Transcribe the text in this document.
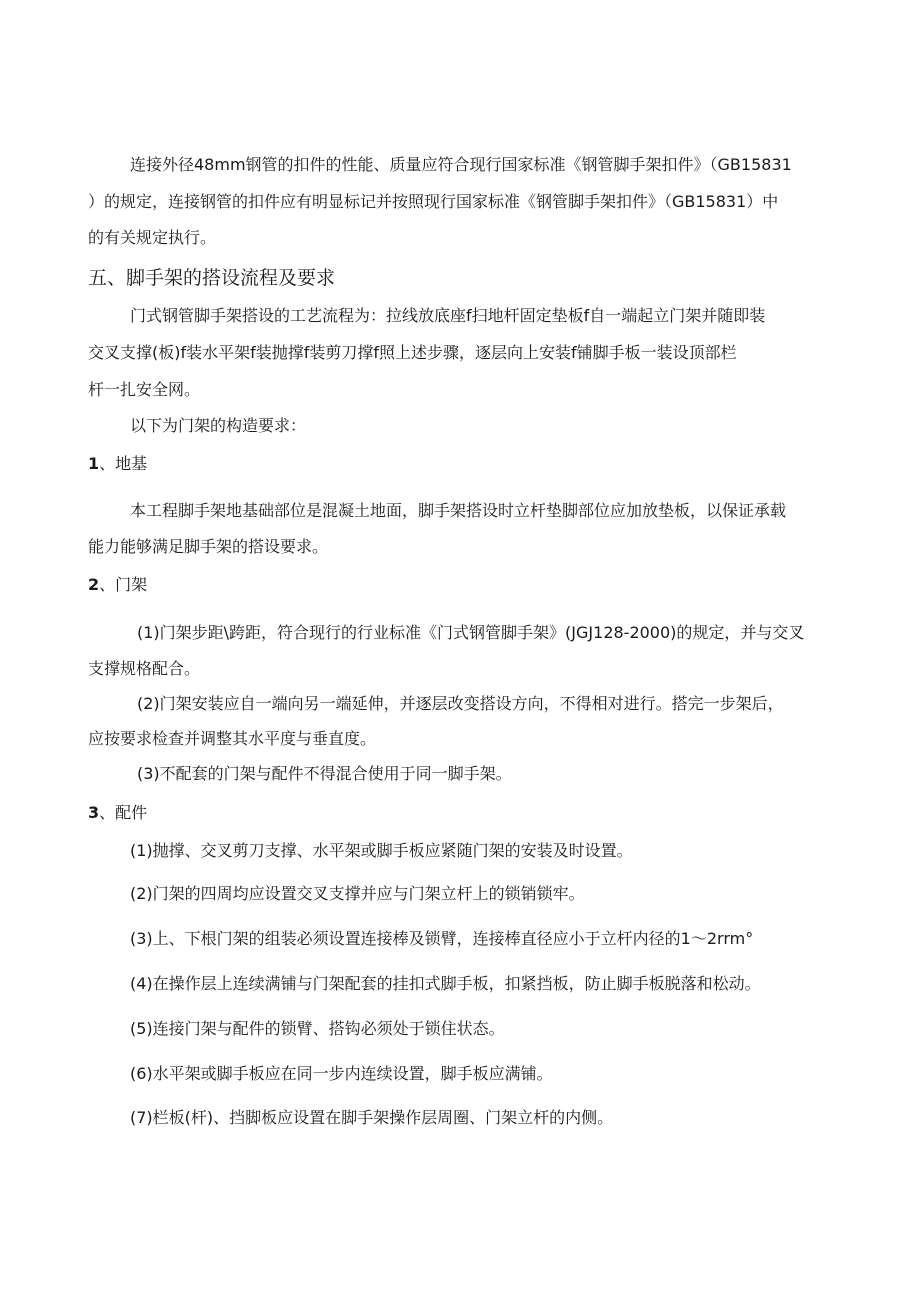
连接外径48mm钢管的扣件的性能、质量应符合现行国家标准《钢管脚手架扣件》（GB15831
）的规定，连接钢管的扣件应有明显标记并按照现行国家标准《钢管脚手架扣件》（GB15831）中
的有关规定执行。
五、脚手架的搭设流程及要求
门式钢管脚手架搭设的工艺流程为：拉线放底座f扫地杆固定垫板f自一端起立门架并随即装
交叉支撑(板)f装水平架f装抛撑f装剪刀撑f照上述步骤，逐层向上安装f铺脚手板一装设顶部栏
杆一扎安全网。
以下为门架的构造要求：
1、地基
本工程脚手架地基础部位是混凝土地面，脚手架搭设时立杆垫脚部位应加放垫板，以保证承载
能力能够满足脚手架的搭设要求。
2、门架
(1)门架步距\跨距，符合现行的行业标准《门式钢管脚手架》(JGJ128-2000)的规定，并与交叉
支撑规格配合。
(2)门架安装应自一端向另一端延伸，并逐层改变搭设方向，不得相对进行。搭完一步架后，
应按要求检查并调整其水平度与垂直度。
(3)不配套的门架与配件不得混合使用于同一脚手架。
3、配件
(1)抛撑、交叉剪刀支撑、水平架或脚手板应紧随门架的安装及时设置。
(2)门架的四周均应设置交叉支撑并应与门架立杆上的锁销锁牢。
(3)上、下根门架的组装必须设置连接棒及锁臂，连接棒直径应小于立杆内径的1～2rrm°
(4)在操作层上连续满铺与门架配套的挂扣式脚手板，扣紧挡板，防止脚手板脱落和松动。
(5)连接门架与配件的锁臂、搭钩必须处于锁住状态。
(6)水平架或脚手板应在同一步内连续设置，脚手板应满铺。
(7)栏板(杆)、挡脚板应设置在脚手架操作层周圈、门架立杆的内侧。
